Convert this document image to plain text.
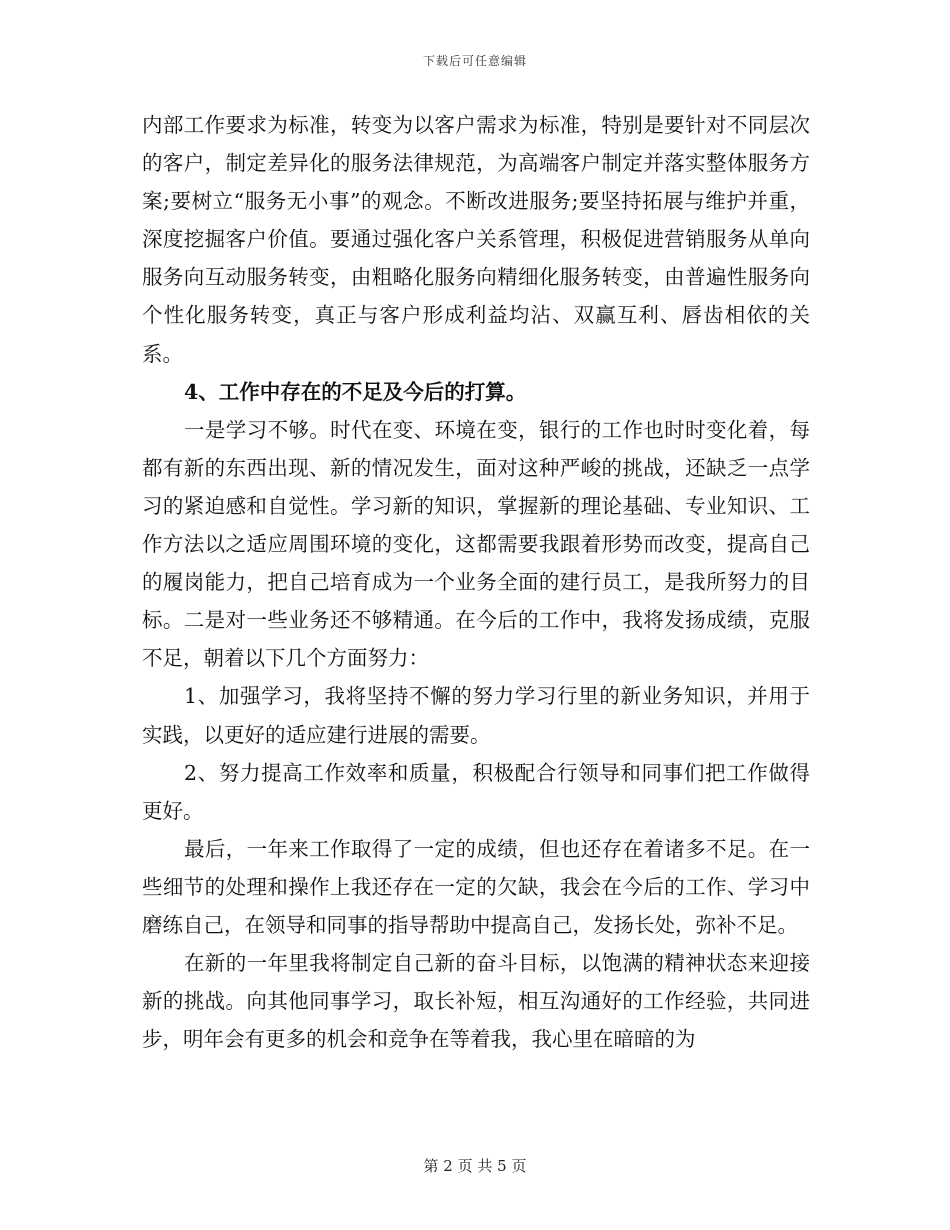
下载后可任意编辑

内部工作要求为标准，转变为以客户需求为标准，特别是要针对不同层次的客户，制定差异化的服务法律规范，为高端客户制定并落实整体服务方案;要树立“服务无小事”的观念。不断改进服务;要坚持拓展与维护并重，深度挖掘客户价值。要通过强化客户关系管理，积极促进营销服务从单向服务向互动服务转变，由粗略化服务向精细化服务转变，由普遍性服务向个性化服务转变，真正与客户形成利益均沾、双赢互利、唇齿相依的关系。

4、工作中存在的不足及今后的打算。

一是学习不够。时代在变、环境在变，银行的工作也时时变化着，每都有新的东西出现、新的情况发生，面对这种严峻的挑战，还缺乏一点学习的紧迫感和自觉性。学习新的知识，掌握新的理论基础、专业知识、工作方法以之适应周围环境的变化，这都需要我跟着形势而改变，提高自己的履岗能力，把自己培育成为一个业务全面的建行员工，是我所努力的目标。二是对一些业务还不够精通。在今后的工作中，我将发扬成绩，克服不足，朝着以下几个方面努力：

1、加强学习，我将坚持不懈的努力学习行里的新业务知识，并用于实践，以更好的适应建行进展的需要。

2、努力提高工作效率和质量，积极配合行领导和同事们把工作做得更好。

最后，一年来工作取得了一定的成绩，但也还存在着诸多不足。在一些细节的处理和操作上我还存在一定的欠缺，我会在今后的工作、学习中磨练自己，在领导和同事的指导帮助中提高自己，发扬长处，弥补不足。

在新的一年里我将制定自己新的奋斗目标，以饱满的精神状态来迎接新的挑战。向其他同事学习，取长补短，相互沟通好的工作经验，共同进步，明年会有更多的机会和竞争在等着我，我心里在暗暗的为

第 2 页 共 5 页
